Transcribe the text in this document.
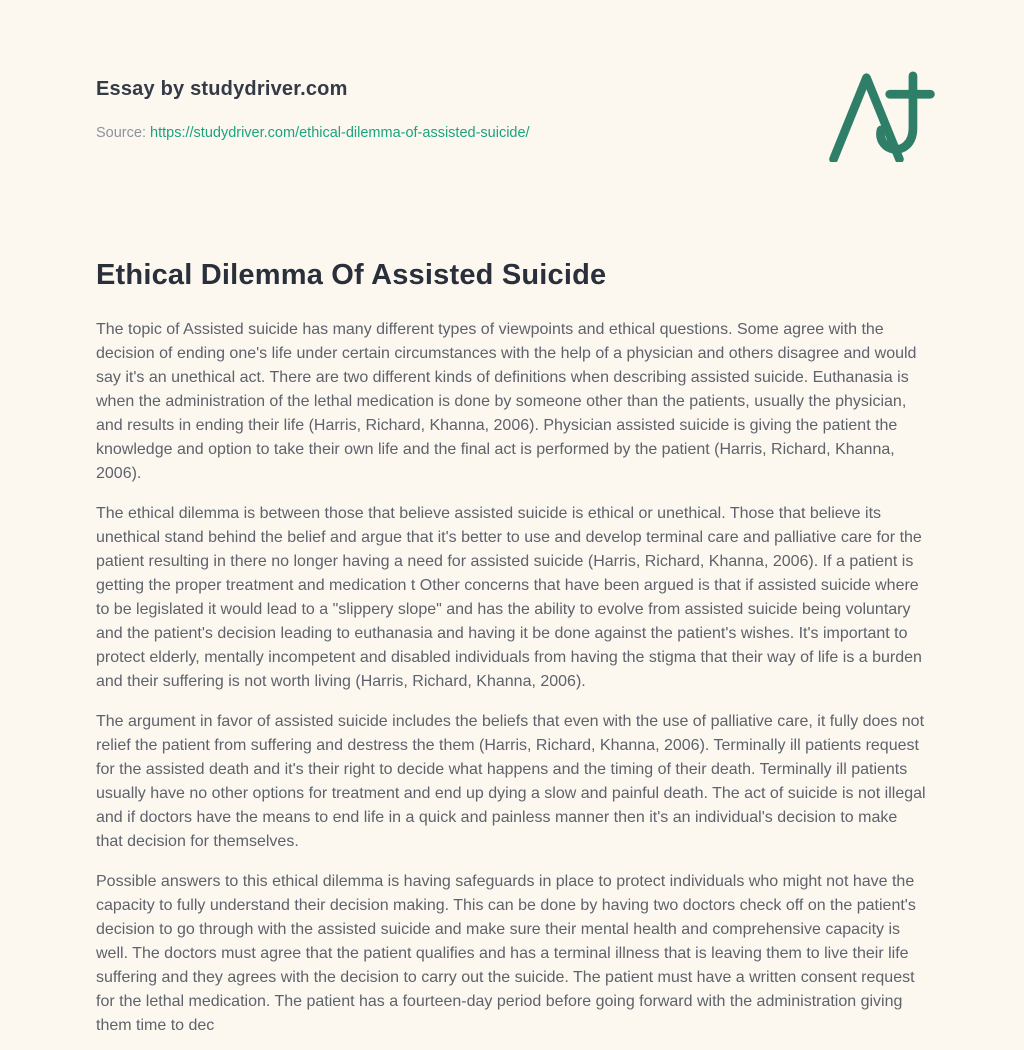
Essay by studydriver.com
Source: https://studydriver.com/ethical-dilemma-of-assisted-suicide/
Ethical Dilemma Of Assisted Suicide

The topic of Assisted suicide has many different types of viewpoints and ethical questions. Some agree with the decision of ending one's life under certain circumstances with the help of a physician and others disagree and would say it's an unethical act. There are two different kinds of definitions when describing assisted suicide. Euthanasia is when the administration of the lethal medication is done by someone other than the patients, usually the physician, and results in ending their life (Harris, Richard, Khanna, 2006). Physician assisted suicide is giving the patient the knowledge and option to take their own life and the final act is performed by the patient (Harris, Richard, Khanna, 2006).

The ethical dilemma is between those that believe assisted suicide is ethical or unethical. Those that believe its unethical stand behind the belief and argue that it's better to use and develop terminal care and palliative care for the patient resulting in there no longer having a need for assisted suicide (Harris, Richard, Khanna, 2006). If a patient is getting the proper treatment and medication t Other concerns that have been argued is that if assisted suicide where to be legislated it would lead to a "slippery slope" and has the ability to evolve from assisted suicide being voluntary and the patient's decision leading to euthanasia and having it be done against the patient's wishes. It's important to protect elderly, mentally incompetent and disabled individuals from having the stigma that their way of life is a burden and their suffering is not worth living (Harris, Richard, Khanna, 2006).

The argument in favor of assisted suicide includes the beliefs that even with the use of palliative care, it fully does not relief the patient from suffering and destress the them (Harris, Richard, Khanna, 2006). Terminally ill patients request for the assisted death and it's their right to decide what happens and the timing of their death. Terminally ill patients usually have no other options for treatment and end up dying a slow and painful death. The act of suicide is not illegal and if doctors have the means to end life in a quick and painless manner then it's an individual's decision to make that decision for themselves.

Possible answers to this ethical dilemma is having safeguards in place to protect individuals who might not have the capacity to fully understand their decision making. This can be done by having two doctors check off on the patient's decision to go through with the assisted suicide and make sure their mental health and comprehensive capacity is well. The doctors must agree that the patient qualifies and has a terminal illness that is leaving them to live their life suffering and they agrees with the decision to carry out the suicide. The patient must have a written consent request for the lethal medication. The patient has a fourteen-day period before going forward with the administration giving them time to dec
